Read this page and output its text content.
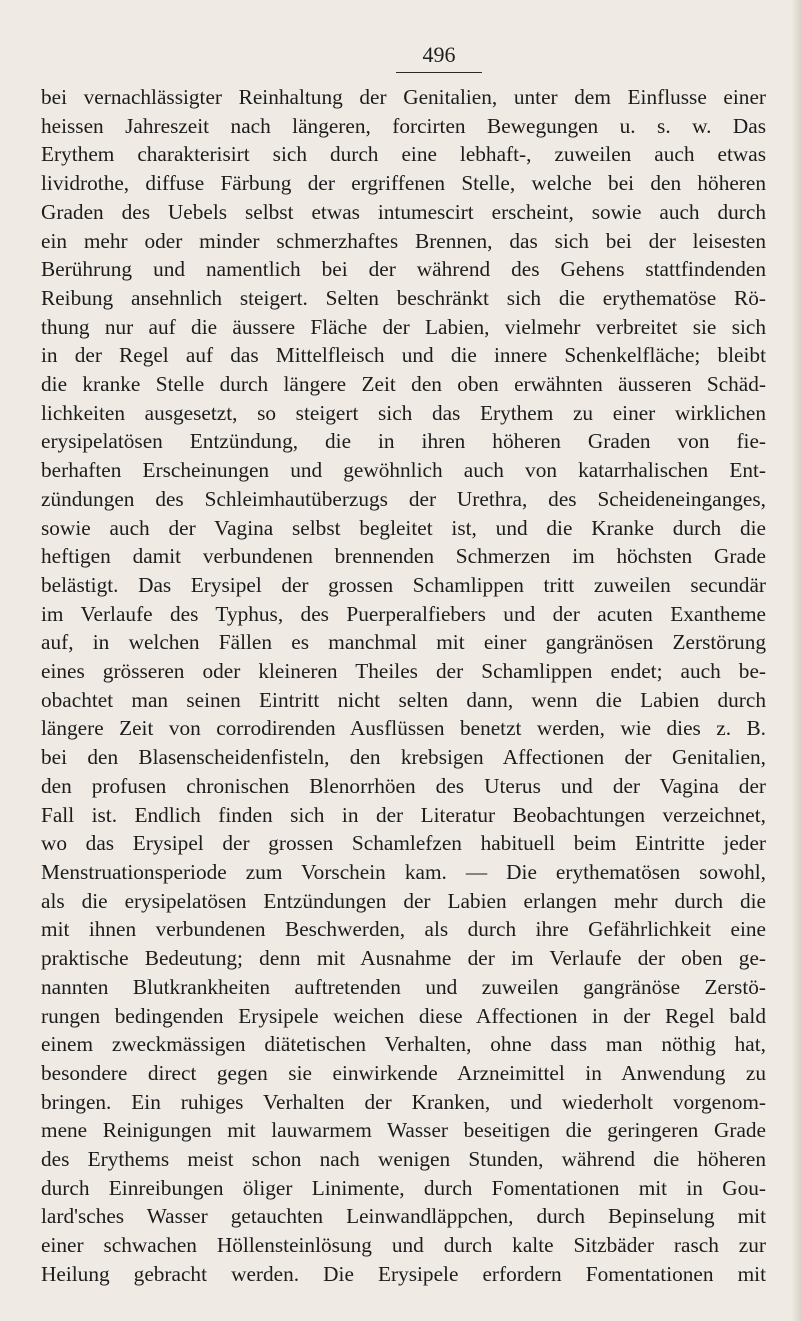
496
bei vernachlässigter Reinhaltung der Genitalien, unter dem Einflusse einer
heissen Jahreszeit nach längeren, forcirten Bewegungen u. s. w. Das
Erythem charakterisirt sich durch eine lebhaft-, zuweilen auch etwas
lividrothe, diffuse Färbung der ergriffenen Stelle, welche bei den höheren
Graden des Uebels selbst etwas intumescirt erscheint, sowie auch durch
ein mehr oder minder schmerzhaftes Brennen, das sich bei der leisesten
Berührung und namentlich bei der während des Gehens stattfindenden
Reibung ansehnlich steigert. Selten beschränkt sich die erythematöse Rö-
thung nur auf die äussere Fläche der Labien, vielmehr verbreitet sie sich
in der Regel auf das Mittelfleisch und die innere Schenkelfläche; bleibt
die kranke Stelle durch längere Zeit den oben erwähnten äusseren Schäd-
lichkeiten ausgesetzt, so steigert sich das Erythem zu einer wirklichen
erysipelatösen Entzündung, die in ihren höheren Graden von fie-
berhaften Erscheinungen und gewöhnlich auch von katarrhalischen Ent-
zündungen des Schleimhautüberzugs der Urethra, des Scheideneinganges,
sowie auch der Vagina selbst begleitet ist, und die Kranke durch die
heftigen damit verbundenen brennenden Schmerzen im höchsten Grade
belästigt. Das Erysipel der grossen Schamlippen tritt zuweilen secundär
im Verlaufe des Typhus, des Puerperalfiebers und der acuten Exantheme
auf, in welchen Fällen es manchmal mit einer gangränösen Zerstörung
eines grösseren oder kleineren Theiles der Schamlippen endet; auch be-
obachtet man seinen Eintritt nicht selten dann, wenn die Labien durch
längere Zeit von corrodirenden Ausflüssen benetzt werden, wie dies z. B.
bei den Blasenscheidenfisteln, den krebsigen Affectionen der Genitalien,
den profusen chronischen Blenorrhöen des Uterus und der Vagina der
Fall ist. Endlich finden sich in der Literatur Beobachtungen verzeichnet,
wo das Erysipel der grossen Schamlefzen habituell beim Eintritte jeder
Menstruationsperiode zum Vorschein kam. — Die erythematösen sowohl,
als die erysipelatösen Entzündungen der Labien erlangen mehr durch die
mit ihnen verbundenen Beschwerden, als durch ihre Gefährlichkeit eine
praktische Bedeutung; denn mit Ausnahme der im Verlaufe der oben ge-
nannten Blutkrankheiten auftretenden und zuweilen gangränöse Zerstö-
rungen bedingenden Erysipele weichen diese Affectionen in der Regel bald
einem zweckmässigen diätetischen Verhalten, ohne dass man nöthig hat,
besondere direct gegen sie einwirkende Arzneimittel in Anwendung zu
bringen. Ein ruhiges Verhalten der Kranken, und wiederholt vorgenom-
mene Reinigungen mit lauwarmem Wasser beseitigen die geringeren Grade
des Erythems meist schon nach wenigen Stunden, während die höheren
durch Einreibungen öliger Linimente, durch Fomentationen mit in Gou-
lard'sches Wasser getauchten Leinwandläppchen, durch Bepinselung mit
einer schwachen Höllensteinlösung und durch kalte Sitzbäder rasch zur
Heilung gebracht werden. Die Erysipele erfordern Fomentationen mit
